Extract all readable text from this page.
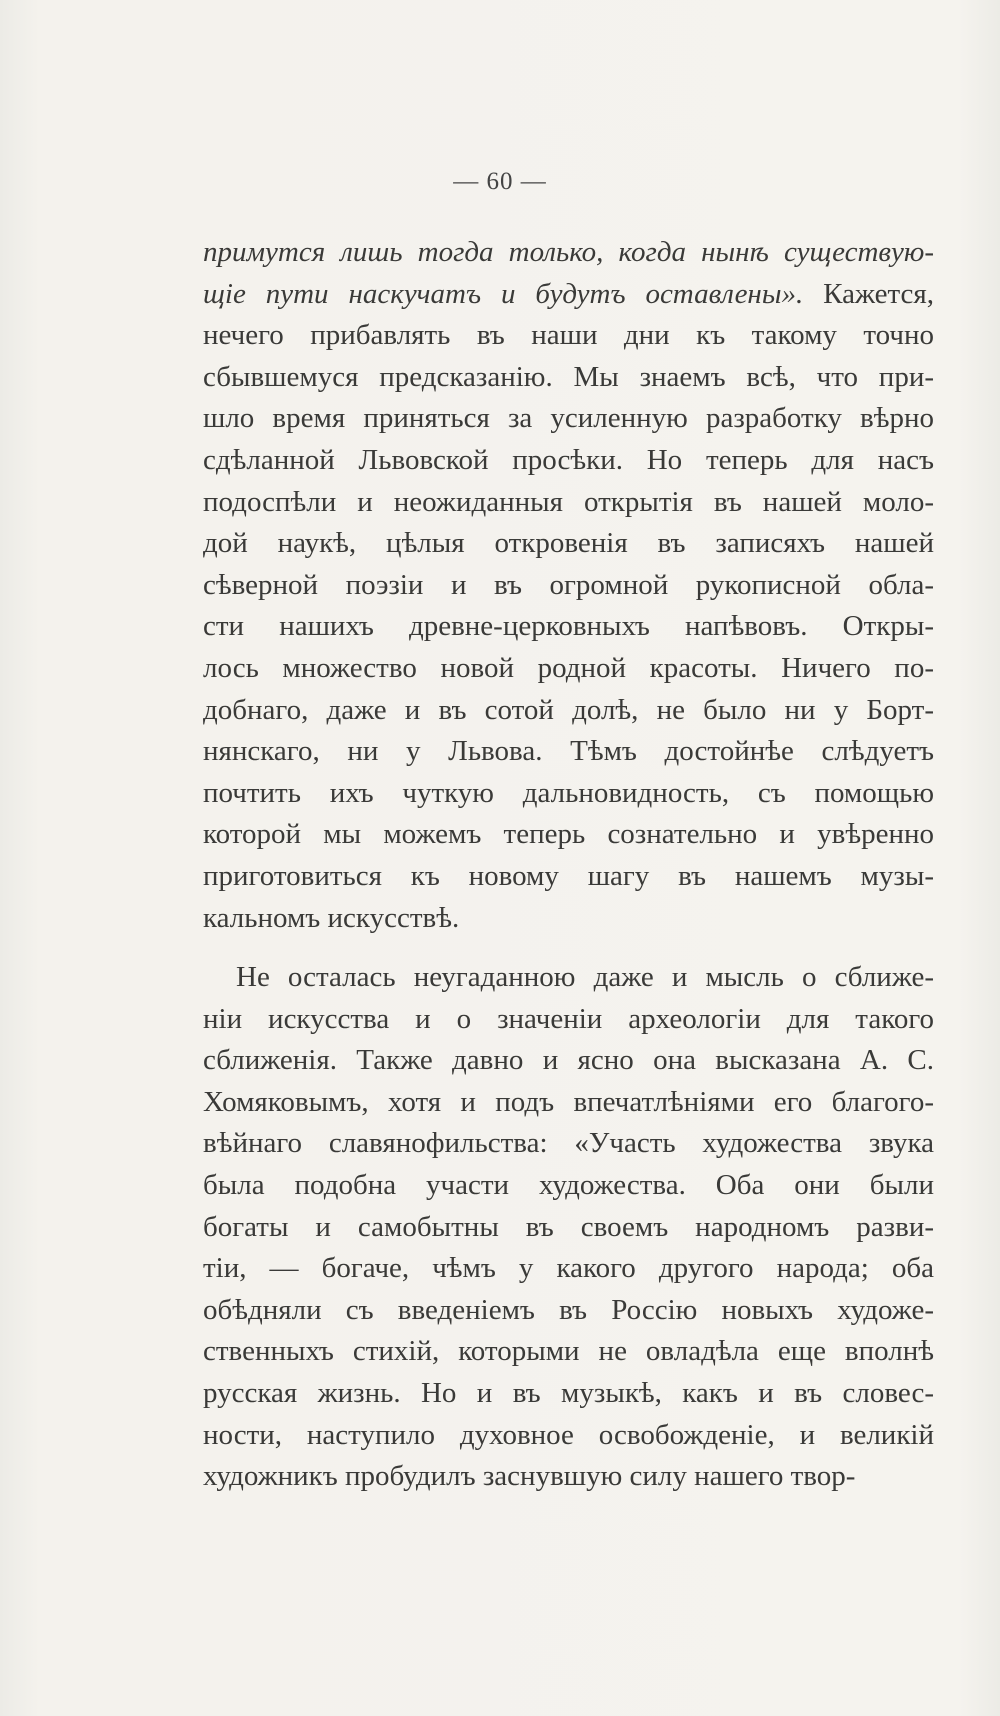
— 60 —
примутся лишь тогда только, когда нынѣ существую-
щіе пути наскучатъ и будутъ оставлены». Кажется,
нечего прибавлять въ наши дни къ такому точно
сбывшемуся предсказанію. Мы знаемъ всѣ, что при-
шло время приняться за усиленную разработку вѣрно
сдѣланной Львовской просѣки. Но теперь для насъ
подоспѣли и неожиданныя открытія въ нашей моло-
дой наукѣ, цѣлыя откровенія въ записяхъ нашей
сѣверной поэзіи и въ огромной рукописной обла-
сти нашихъ древне-церковныхъ напѣвовъ. Откры-
лось множество новой родной красоты. Ничего по-
добнаго, даже и въ сотой долѣ, не было ни у Борт-
нянскаго, ни у Львова. Тѣмъ достойнѣе слѣдуетъ
почтить ихъ чуткую дальновидность, съ помощью
которой мы можемъ теперь сознательно и увѣренно
приготовиться къ новому шагу въ нашемъ музы-
кальномъ искусствѣ.
Не осталась неугаданною даже и мысль о сближе-
ніи искусства и о значеніи археологіи для такого
сближенія. Также давно и ясно она высказана А. С.
Хомяковымъ, хотя и подъ впечатлѣніями его благого-
вѣйнаго славянофильства: «Участь художества звука
была подобна участи художества. Оба они были
богаты и самобытны въ своемъ народномъ разви-
тіи, — богаче, чѣмъ у какого другого народа; оба
обѣдняли съ введеніемъ въ Россію новыхъ художе-
ственныхъ стихій, которыми не овладѣла еще вполнѣ
русская жизнь. Но и въ музыкѣ, какъ и въ словес-
ности, наступило духовное освобожденіе, и великій
художникъ пробудилъ заснувшую силу нашего твор-
